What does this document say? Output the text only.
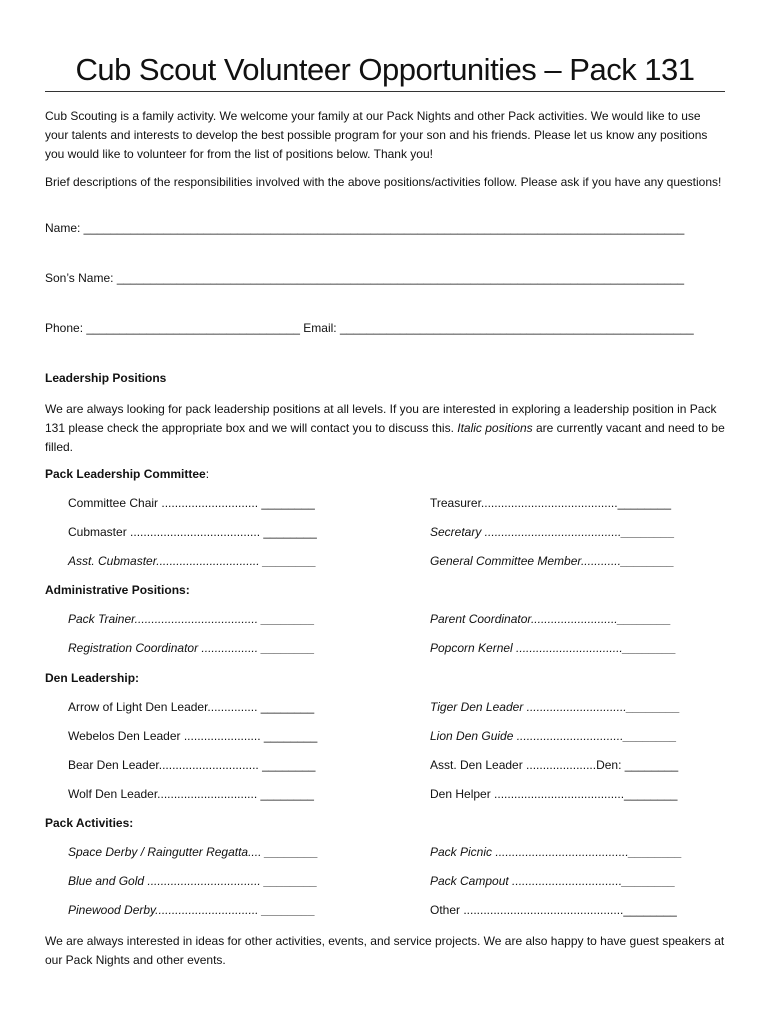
Cub Scout Volunteer Opportunities – Pack 131

Cub Scouting is a family activity. We welcome your family at our Pack Nights and other Pack activities. We would like to use your talents and interests to develop the best possible program for your son and his friends. Please let us know any positions you would like to volunteer for from the list of positions below. Thank you!

Brief descriptions of the responsibilities involved with the above positions/activities follow. Please ask if you have any questions!

Name: __________________________________________________________________________________________
Son’s Name: _____________________________________________________________________________________
Phone: ________________________________ Email: _____________________________________________________
Leadership Positions

We are always looking for pack leadership positions at all levels. If you are interested in exploring a leadership position in Pack 131 please check the appropriate box and we will contact you to discuss this. Italic positions are currently vacant and need to be filled.

Pack Leadership Committee:
Committee Chair ............................. ________	Treasurer.........................................________
Cubmaster ....................................... ________	Secretary .........................................________
Asst. Cubmaster............................... ________	General Committee Member............________
Administrative Positions:
Pack Trainer..................................... ________	Parent Coordinator..........................________
Registration Coordinator ................. ________	Popcorn Kernel ................................________
Den Leadership:
Arrow of Light Den Leader............... ________	Tiger Den Leader ..............................________
Webelos Den Leader ....................... ________	Lion Den Guide ................................________
Bear Den Leader.............................. ________	Asst. Den Leader .....................Den: ________
Wolf Den Leader.............................. ________	Den Helper .......................................________
Pack Activities:
Space Derby / Raingutter Regatta.... ________	Pack Picnic ........................................________
Blue and Gold .................................. ________	Pack Campout .................................________
Pinewood Derby............................... ________	Other ................................................________
We are always interested in ideas for other activities, events, and service projects. We are also happy to have guest speakers at our Pack Nights and other events.
